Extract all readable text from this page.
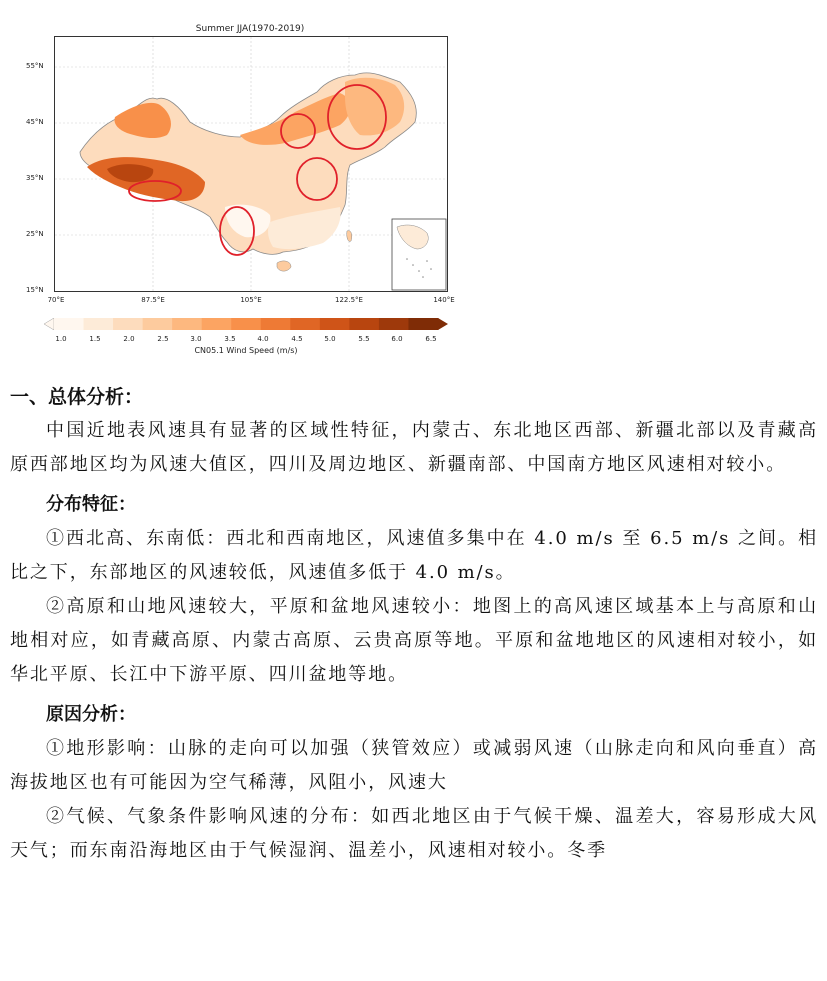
Summer JJA(1970-2019)
55°N
45°N
35°N
25°N
15°N
70°E	87.5°E	105°E	122.5°E	140°E
1.0	1.5	2.0	2.5	3.0	3.5	4.0	4.5	5.0	5.5	6.0	6.5
CN05.1 Wind Speed (m/s)

一、总体分析：

中国近地表风速具有显著的区域性特征，内蒙古、东北地区西部、新疆北部以及青藏高原西部地区均为风速大值区，四川及周边地区、新疆南部、中国南方地区风速相对较小。

分布特征：

①西北高、东南低：西北和西南地区，风速值多集中在 4.0 m/s 至 6.5 m/s 之间。相比之下，东部地区的风速较低，风速值多低于 4.0 m/s。

②高原和山地风速较大，平原和盆地风速较小：地图上的高风速区域基本上与高原和山地相对应，如青藏高原、内蒙古高原、云贵高原等地。平原和盆地地区的风速相对较小，如华北平原、长江中下游平原、四川盆地等地。

原因分析：

①地形影响：山脉的走向可以加强（狭管效应）或减弱风速（山脉走向和风向垂直）高海拔地区也有可能因为空气稀薄，风阻小，风速大

②气候、气象条件影响风速的分布：如西北地区由于气候干燥、温差大，容易形成大风天气；而东南沿海地区由于气候湿润、温差小，风速相对较小。冬季
